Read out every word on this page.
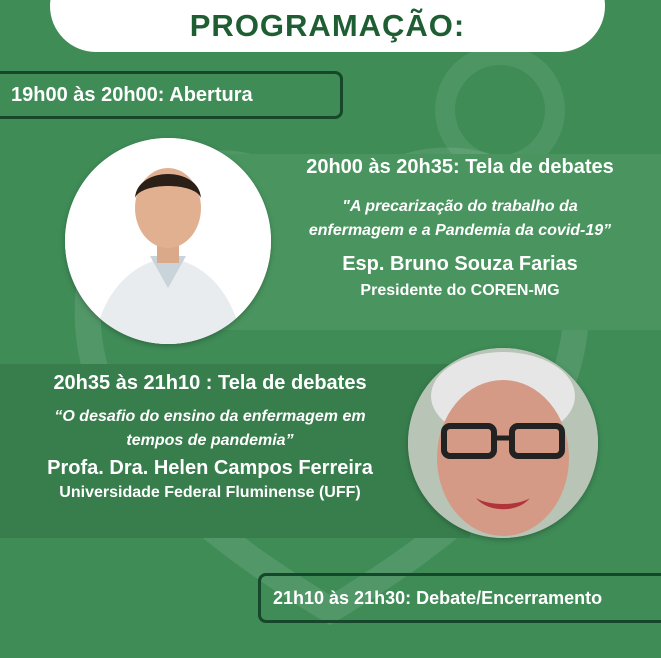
PROGRAMAÇÃO:
19h00 às 20h00: Abertura
20h00 às 20h35: Tela de debates
"A precarização do trabalho da
enfermagem e a Pandemia da covid-19”
Esp. Bruno Souza Farias
Presidente do COREN-MG
20h35 às 21h10 : Tela de debates
“O desafio do ensino da enfermagem em
tempos de pandemia”
Profa. Dra. Helen Campos Ferreira
Universidade Federal Fluminense (UFF)
21h10 às 21h30: Debate/Encerramento
